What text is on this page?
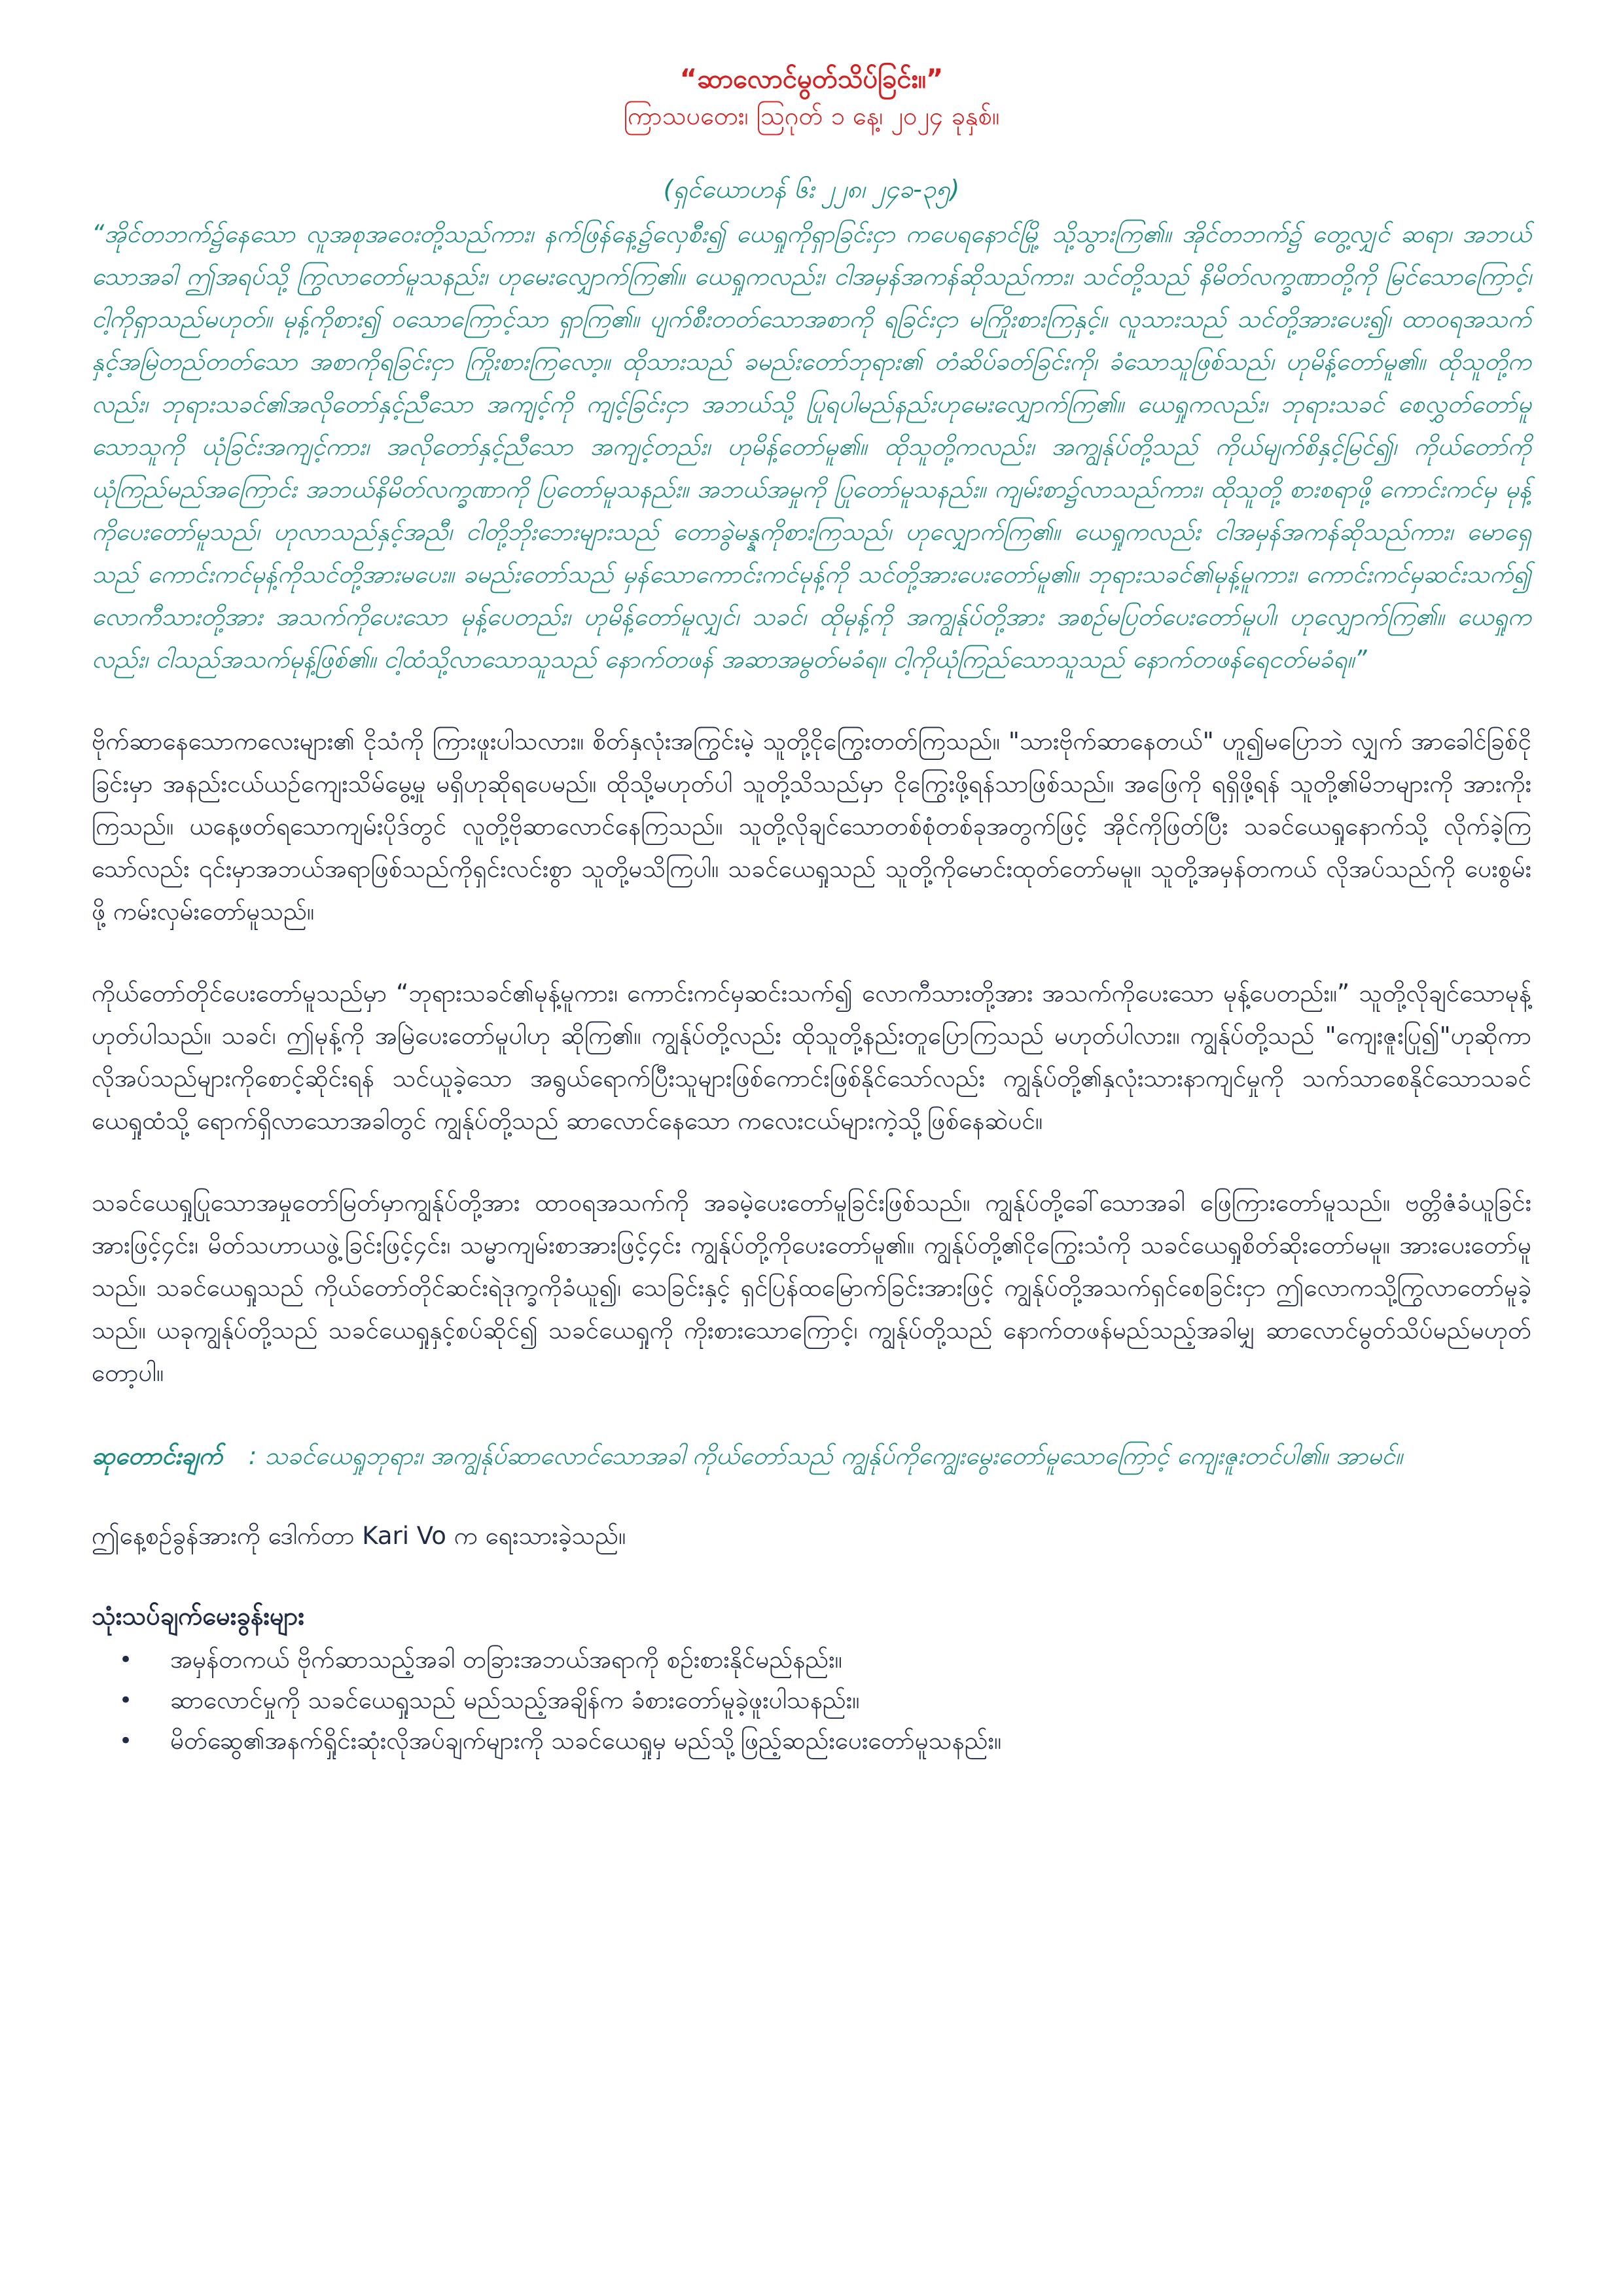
“ဆာလောင်မွတ်သိပ်ခြင်း။”

ကြာသပတေး၊ ဩဂုတ် ၁ နေ့၊ ၂၀၂၄ ခုနှစ်။

(ရှင်ယောဟန် ၆း ၂၂၈၊ ၂၄ခ-၃၅)

“အိုင်တဘက်၌နေသော လူအစုအဝေးတို့သည်ကား၊ နက်ဖြန်နေ့၌လှေစီး၍ ယေရှုကိုရှာခြင်းငှာ ကပေရနောင်မြို့ သို့သွားကြ၏။ အိုင်တဘက်၌ တွေ့လျှင် ဆရာ၊ အဘယ်သောအခါ ဤအရပ်သို့ ကြွလာတော်မူသနည်း၊ ဟုမေးလျှောက်ကြ၏။ ယေရှုကလည်း၊ ငါအမှန်အကန်ဆိုသည်ကား၊ သင်တို့သည် နိမိတ်လက္ခဏာတို့ကို မြင်သောကြောင့်၊ ငါ့ကိုရှာသည်မဟုတ်။ မုန့်ကိုစား၍ ဝသောကြောင့်သာ ရှာကြ၏။ ပျက်စီးတတ်သောအစာကို ရခြင်းငှာ မကြိုးစားကြနှင့်။ လူသားသည် သင်တို့အားပေး၍၊ ထာဝရအသက်နှင့်အမြဲတည်တတ်သော အစာကိုရခြင်းငှာ ကြိုးစားကြလော့။ ထိုသားသည် ခမည်းတော်ဘုရား၏ တံဆိပ်ခတ်ခြင်းကို၊ ခံသောသူဖြစ်သည်၊ ဟုမိန့်တော်မူ၏။ ထိုသူတို့ကလည်း၊ ဘုရားသခင်၏အလိုတော်နှင့်ညီသော အကျင့်ကို ကျင့်ခြင်းငှာ အဘယ်သို့ ပြုရပါမည်နည်းဟုမေးလျှောက်ကြ၏။ ယေရှုကလည်း၊ ဘုရားသခင် စေလွှတ်တော်မူသောသူကို ယုံခြင်းအကျင့်ကား၊ အလိုတော်နှင့်ညီသော အကျင့်တည်း၊ ဟုမိန့်တော်မူ၏။ ထိုသူတို့ကလည်း၊ အကျွန်ုပ်တို့သည် ကိုယ်မျက်စိနှင့်မြင်၍၊ ကိုယ်တော်ကို ယုံကြည်မည်အကြောင်း အဘယ်နိမိတ်လက္ခဏာကို ပြတော်မူသနည်း။ အဘယ်အမှုကို ပြုတော်မူသနည်း။ ကျမ်းစာ၌လာသည်ကား၊ ထိုသူတို့ စားစရာဖို့ ကောင်းကင်မှ မုန့်ကိုပေးတော်မူသည်၊ ဟုလာသည်နှင့်အညီ၊ ငါတို့ဘိုးဘေးများသည် တောခွဲမန္နကိုစားကြသည်၊ ဟုလျှောက်ကြ၏။ ယေရှုကလည်း ငါအမှန်အကန်ဆိုသည်ကား၊ မောရှေသည် ကောင်းကင်မုန့်ကိုသင်တို့အားမပေး။ ခမည်းတော်သည် မှန်သောကောင်းကင်မုန့်ကို သင်တို့အားပေးတော်မူ၏။ ဘုရားသခင်၏မုန့်မူကား၊ ကောင်းကင်မှဆင်းသက်၍ လောကီသားတို့အား အသက်ကိုပေးသော မုန့်ပေတည်း၊ ဟုမိန့်တော်မူလျှင်၊ သခင်၊ ထိုမုန့်ကို အကျွန်ုပ်တို့အား အစဉ်မပြတ်ပေးတော်မူပါ၊ ဟုလျှောက်ကြ၏။ ယေရှုကလည်း၊ ငါသည်အသက်မုန့်ဖြစ်၏။ ငါ့ထံသို့လာသောသူသည် နောက်တဖန် အဆာအမွတ်မခံရ။ ငါ့ကိုယုံကြည်သောသူသည် နောက်တဖန်ရေငတ်မခံရ။”

ဗိုက်ဆာနေသောကလေးများ၏ ငိုသံကို ကြားဖူးပါသလား။ စိတ်နှလုံးအကြွင်းမဲ့ သူတို့ငိုကြွေးတတ်ကြသည်။ "သားဗိုက်ဆာနေတယ်" ဟူ၍မပြောဘဲ လျှက် အာခေါင်ခြစ်ငိုခြင်းမှာ အနည်းငယ်ယဉ်ကျေးသိမ်မွေ့မှု မရှိဟုဆိုရပေမည်။ ထိုသို့မဟုတ်ပါ သူတို့သိသည်မှာ ငိုကြွေးဖို့ရန်သာဖြစ်သည်။ အဖြေကို ရရှိဖို့ရန် သူတို့၏မိဘများကို အားကိုးကြသည်။ ယနေ့ဖတ်ရသောကျမ်းပိုဒ်တွင် လူတို့ဗိုဆာလောင်နေကြသည်။ သူတို့လိုချင်သောတစ်စုံတစ်ခုအတွက်ဖြင့် အိုင်ကိုဖြတ်ပြီး သခင်ယေရှုနောက်သို့ လိုက်ခဲ့ကြသော်လည်း ၎င်းမှာအဘယ်အရာဖြစ်သည်ကိုရှင်းလင်းစွာ သူတို့မသိကြပါ။ သခင်ယေရှုသည် သူတို့ကိုမောင်းထုတ်တော်မမူ။ သူတို့အမှန်တကယ် လိုအပ်သည်ကို ပေးစွမ်းဖို့ ကမ်းလှမ်းတော်မူသည်။

ကိုယ်တော်တိုင်ပေးတော်မူသည်မှာ “ဘုရားသခင်၏မုန့်မူကား၊ ကောင်းကင်မှဆင်းသက်၍ လောကီသားတို့အား အသက်ကိုပေးသော မုန့်ပေတည်း။” သူတို့လိုချင်သောမုန့်ဟုတ်ပါသည်။ သခင်၊ ဤမုန့်ကို အမြဲပေးတော်မူပါဟု ဆိုကြ၏။ ကျွန်ုပ်တို့လည်း ထိုသူတို့နည်းတူပြောကြသည် မဟုတ်ပါလား။ ကျွန်ုပ်တို့သည် "ကျေးဇူးပြု၍"ဟုဆိုကာ လိုအပ်သည်များကိုစောင့်ဆိုင်းရန် သင်ယူခဲ့သော အရွယ်ရောက်ပြီးသူများဖြစ်ကောင်းဖြစ်နိုင်သော်လည်း ကျွန်ုပ်တို့၏နှလုံးသားနာကျင်မှုကို သက်သာစေနိုင်သောသခင်ယေရှုထံသို့ ရောက်ရှိလာသောအခါတွင် ကျွန်ုပ်တို့သည် ဆာလောင်နေသော ကလေးငယ်များကဲ့သို့ဖြစ်နေဆဲပင်။

သခင်ယေရှုပြုသောအမှုတော်မြတ်မှာကျွန်ုပ်တို့အား ထာဝရအသက်ကို အခမဲ့ပေးတော်မူခြင်းဖြစ်သည်။ ကျွန်ုပ်တို့ခေါ်သောအခါ ဖြေကြားတော်မူသည်။ ဗတ္တိဇံခံယူခြင်းအားဖြင့်၄င်း၊ မိတ်သဟာယဖွဲ့ခြင်းဖြင့်၄င်း၊ သမ္မာကျမ်းစာအားဖြင့်၄င်း ကျွန်ုပ်တို့ကိုပေးတော်မူ၏။ ကျွန်ုပ်တို့၏ငိုကြွေးသံကို သခင်ယေရှုစိတ်ဆိုးတော်မမူ။ အားပေးတော်မူသည်။ သခင်ယေရှုသည် ကိုယ်တော်တိုင်ဆင်းရဲဒုက္ခကိုခံယူ၍၊ သေခြင်းနှင့် ရှင်ပြန်ထမြောက်ခြင်းအားဖြင့် ကျွန်ုပ်တို့အသက်ရှင်စေခြင်းငှာ ဤလောကသို့ကြွလာတော်မူခဲ့သည်။ ယခုကျွန်ုပ်တို့သည် သခင်ယေရှုနှင့်စပ်ဆိုင်၍ သခင်ယေရှုကို ကိုးစားသောကြောင့်၊ ကျွန်ုပ်တို့သည် နောက်တဖန်မည်သည့်အခါမျှ ဆာလောင်မွတ်သိပ်မည်မဟုတ်တော့ပါ။

ဆုတောင်းချက် : သခင်ယေရှုဘုရား၊ အကျွန်ုပ်ဆာလောင်သောအခါ ကိုယ်တော်သည် ကျွန်ုပ်ကိုကျွေးမွေးတော်မူသောကြောင့် ကျေးဇူးတင်ပါ၏။ အာမင်။

ဤနေ့စဉ်ခွန်အားကို ဒေါက်တာ Kari Vo က ရေးသားခဲ့သည်။

သုံးသပ်ချက်မေးခွန်းများ
• အမှန်တကယ် ဗိုက်ဆာသည့်အခါ တခြားအဘယ်အရာကို စဉ်းစားနိုင်မည်နည်း။
• ဆာလောင်မှုကို သခင်ယေရှုသည် မည်သည့်အချိန်က ခံစားတော်မူခဲ့ဖူးပါသနည်း။
• မိတ်ဆွေ၏အနက်ရှိုင်းဆုံးလိုအပ်ချက်များကို သခင်ယေရှုမှ မည်သို့ဖြည့်ဆည်းပေးတော်မူသနည်း။
